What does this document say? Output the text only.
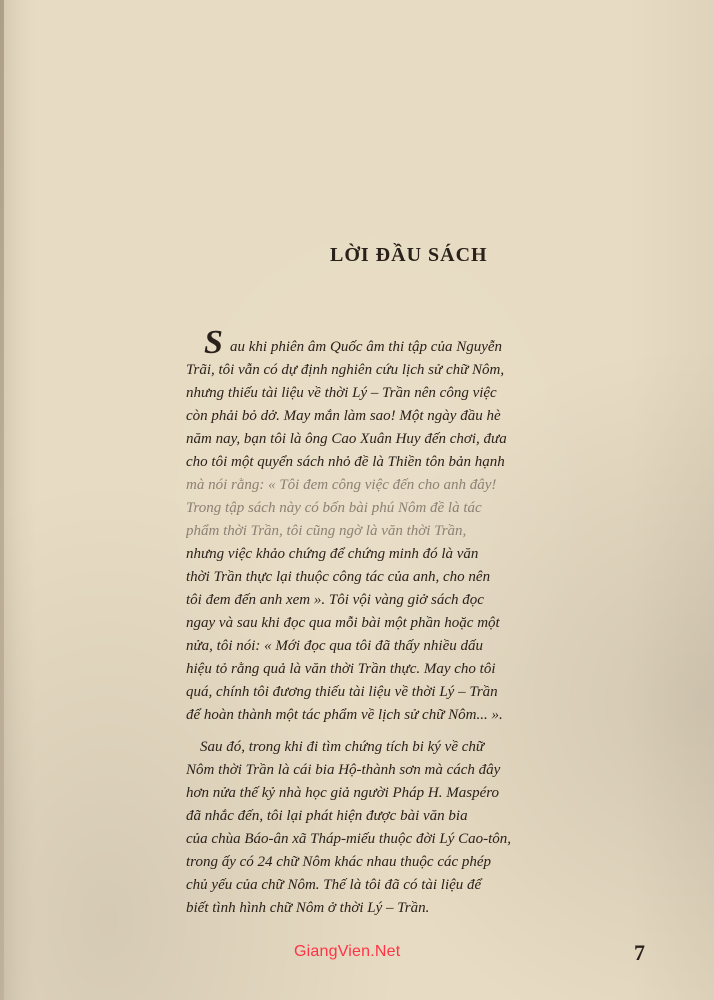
LỜI ĐẦU SÁCH
S au khi phiên âm Quốc âm thi tập của Nguyễn
Trãi, tôi vẫn có dự định nghiên cứu lịch sử chữ Nôm,
nhưng thiếu tài liệu về thời Lý – Trần nên công việc
còn phải bỏ dở. May mắn làm sao! Một ngày đầu hè
năm nay, bạn tôi là ông Cao Xuân Huy đến chơi, đưa
cho tôi một quyển sách nhỏ đề là Thiền tôn bản hạnh
mà nói rằng: « Tôi đem công việc đến cho anh đây!
Trong tập sách này có bốn bài phú Nôm đề là tác
phẩm thời Trần, tôi cũng ngờ là văn thời Trần,
nhưng việc khảo chứng để chứng minh đó là văn
thời Trần thực lại thuộc công tác của anh, cho nên
tôi đem đến anh xem ». Tôi vội vàng giở sách đọc
ngay và sau khi đọc qua mỗi bài một phần hoặc một
nửa, tôi nói: « Mới đọc qua tôi đã thấy nhiều dấu
hiệu tỏ rằng quả là văn thời Trần thực. May cho tôi
quá, chính tôi đương thiếu tài liệu về thời Lý – Trần
để hoàn thành một tác phẩm về lịch sử chữ Nôm... ».
Sau đó, trong khi đi tìm chứng tích bi ký về chữ
Nôm thời Trần là cái bia Hộ-thành sơn mà cách đây
hơn nửa thế kỷ nhà học giả người Pháp H. Maspéro
đã nhắc đến, tôi lại phát hiện được bài văn bia
của chùa Báo-ân xã Tháp-miếu thuộc đời Lý Cao-tôn,
trong ấy có 24 chữ Nôm khác nhau thuộc các phép
chủ yếu của chữ Nôm. Thế là tôi đã có tài liệu để
biết tình hình chữ Nôm ở thời Lý – Trần.
GiangVien.Net	7
